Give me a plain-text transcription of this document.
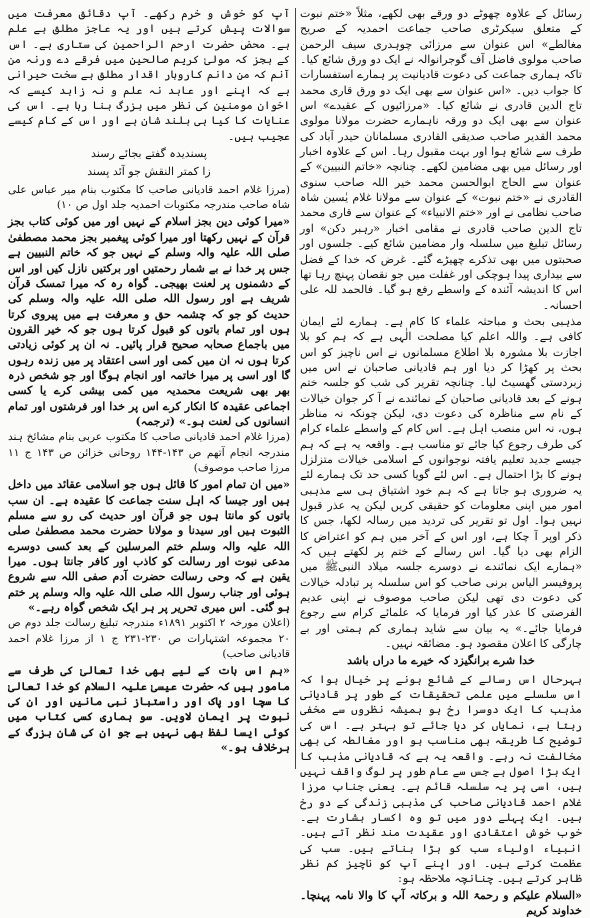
رسائل کے علاوہ چھوٹے دو ورقے بھی لکھے، مثلاً «ختم نبوت کے متعلق سیکرٹری صاحب جماعت احمدیہ کے صریح مغالطے» اس عنوان سے مرزائی چوہدری سیف الرحمن صاحب مولوی فاضل آف گوجرانوالہ نے ایک دو ورق شائع کیا۔ تاکہ ہماری جماعت کی دعوت قادیانیت پر ہمارے استفسارات کا جواب دیں۔ «اس عنوان سے بھی ایک دو ورق قاری محمد تاج الدین قادری نے شائع کیا۔ «مرزائیوں کے عقیدے» اس عنوان سے بھی ایک دو ورقہ ناہمارے حضرت مولانا مولوی محمد القدیر صاحب صدیقی القادری مسلمانان حیدر آباد کی طرف سے شائع ہوا اور بہت مقبول رہا۔ اس کے علاوہ اخبار اور رسائل میں بھی مضامین لکھے۔ چنانچہ «خاتم النبیین» کے عنوان سے الحاج ابوالحسن محمد خیر اللہ صاحب سنوی القادری نے «ختم نبوت» کے عنوان سے مولانا غلام یٰسین شاہ صاحب نظامی نے اور «ختم الانبیاء» کے عنوان سے قاری محمد تاج الدین صاحب قادری نے مقامی اخبار «رہبر دکن» اور رسائل تبلیغ میں سلسلہ وار مضامین شائع کیے۔ جلسوں اور صحبتوں میں بھی تذکرے چھیڑے گئے۔ غرض کہ خدا کے فضل سے بیداری پیدا ہوچکی اور غفلت میں جو نقصان پہنچ رہا تھا اس کا اندیشہ آئندہ کے واسطے رفع ہو گیا۔ فالحمد للہ علی احسانہ۔

مذہبی بحث و مباحثہ علماء کا کام ہے۔ ہمارے لئے ایمان کافی ہے۔ واللہ اعلم کیا مصلحت الٰہی ہے کہ ہم کو بلا اجازت بلا مشورہ بلا اطلاع مسلمانوں نے اس ناچیز کو اس بحث پر کھڑا کر دیا اور ہم قادیانی صاحبان نے اس میں زبردستی گھسیٹ لیا۔ چنانچہ تقریر کی شب کو جلسہ ختم ہونے کے بعد قادیانی صاحبان کے نمائندے نے آ کر جوان خیالات کے نام سے مناظرہ کی دعوت دی، لیکن چونکہ نہ مناظر ہوں، نہ اس منصب اہل ہے۔ اس کام کے واسطے علماء کرام کی طرف رجوع کیا جائے تو مناسب ہے۔ واقعہ یہ ہے کہ ہم جیسے جدید تعلیم یافتہ نوجوانوں کے اسلامی خیالات متزلزل ہونے کا بڑا احتمال ہے۔ اس لئے گویا کسی حد تک ہمارے لئے یہ ضروری ہو جاتا ہے کہ ہم خود اشتیاق ہی سے مذہبی امور میں اپنی معلومات کو حقیقی کریں لیکن یہ عذر قبول نہیں ہوا۔ اول تو تقریر کی تردید میں رسالہ لکھا، جس کا ذکر اوپر آ چکا ہے، اور اس کے آخر میں ہم کو اعتراض کا الزام بھی دیا گیا۔ اس رسالے کے ختم پر لکھتے ہیں کہ «ہمارے ایک نمائندے نے دوسرے جلسہ میلاد النبیﷺ میں پروفیسر الیاس برنی صاحب کو اس سلسلہ پر تبادلہ خیالات کی دعوت دی تھی لیکن صاحب موصوف نے اپنی عدیم الفرصتی کا عذر کیا اور فرمایا کہ علمائے کرام سے رجوع فرمایا جائے۔» یہ بیان سے شاید ہماری کم ہمتی اور بے چارگی کا اعلان مقصود ہو۔ مضائقہ نہیں۔

خدا شرے برانگیزد کہ خیرے ما دراں باشد

بہرحال اس رسالے کے شائع ہونے پر خیال ہوا کہ اس سلسلے میں علمی تحقیقات کے طور پر قادیانی مذہب کا ایک دوسرا رخ ہو ہمیشہ نظروں سے مخفی رہتا ہے، نمایاں کر دیا جائے تو بہتر ہے۔ اس کی توضیح کا طریقہ بھی مناسب ہو اور مغالطہ کی بھی مخالفت نہ رہے۔ واقعہ یہ ہے کہ قادیانی مذہب کا ایک بڑا اصول ہے جس سے عام طور پر لوگ واقف نہیں ہیں، اسی پر یہ سلسلہ قائم ہے۔ یعنی جناب مرزا غلام احمد قادیانی صاحب کی مذہبی زندگی کے دو رخ ہیں۔ ایک پہلے دور میں تو وہ اکسار بشارت ہے۔ خوب خوش اعتقادی اور عقیدت مند نظر آتے ہیں۔ انبیاء اولیاء سب کو بڑا بناتے ہیں۔ سب کی عظمت کرتے ہیں۔ اور اپنے آپ کو ناچیز کم نظر ظاہر کرتے ہیں۔ چنانچہ ملاحظہ ہو:

«السلام علیکم و رحمۃ اللہ و برکاتہ آپ کا والا نامہ پہنچا۔ خداوند کریم

آپ کو خوش و خرم رکھے۔ آپ دقائق معرفت میں سوالات پیش کرتے ہیں اور یہ عاجز مطلق بے علم ہے۔ محض حضرت ارحم الراحمین کی ستاری ہے۔ اس کے بجز کہ مولیٰ کریم صالحین میں فرقے دے ورنہ من آنم کہ من دانم کاروبار اقدار مطلق ہے سخت حیرانی ہے کہ اپنے اور عابد نہ علم و نہ زاہد کیسے کہ اخوان مومنین کی نظر میں بزرگ بنا رہا ہے۔ اس کی عنایات کا کیا ہی بلند شان ہے اور اس کے کام کیسے عجیب ہیں۔

پسندیدہ گفتے بجائے رسند

زا کمتر النقش جو آئد پسند

(مرزا غلام احمد قادیانی صاحب کا مکتوب بنام میر عباس علی شاہ صاحب مندرجہ مکتوبات احمدیہ جلد اول ص ۱۰)

«میرا کوئی دین بجز اسلام کے نہیں اور میں کوئی کتاب بجز قرآن کے نہیں رکھتا اور میرا کوئی پیغمبر بجز محمد مصطفیٰ صلی اللہ علیہ والہ وسلم کے نہیں جو کہ خاتم النبیین ہے جس پر خدا نے بے شمار رحمتیں اور برکتیں نازل کیں اور اس کے دشمنوں پر لعنت بھیجی۔ گواہ رہ کہ میرا تمسک قرآن شریف ہے اور رسول اللہ صلی اللہ علیہ والہ وسلم کی حدیث کو جو کہ چشمہ حق و معرفت ہے میں پیروی کرتا ہوں اور تمام باتوں کو قبول کرتا ہوں جو کہ خیر القرون میں باجماع صحابہ صحیح قرار پائیں۔ نہ ان پر کوئی زیادتی کرتا ہوں نہ ان میں کمی اور اسی اعتقاد پر میں زندہ رہوں گا اور اسی پر میرا خاتمہ اور انجام ہوگا اور جو شخص ذرہ بھر بھی شریعت محمدیہ میں کمی بیشی کرے یا کسی اجماعی عقیدہ کا انکار کرے اس پر خدا اور فرشتوں اور تمام انسانوں کی لعنت ہو۔» (ترجمہ)

(مرزا غلام احمد قادیانی صاحب کا مکتوب عربی بنام مشائخ ہند مندرجہ انجام آتھم ص ۱۴۳-۱۴۴ روحانی خزائن ص ۱۴۳ ج ۱۱ مرزا صاحب موصوف)

«میں ان تمام امور کا قائل ہوں جو اسلامی عقائد میں داخل ہیں اور جیسا کہ اہل سنت جماعت کا عقیدہ ہے۔ ان سب باتوں کو مانتا ہوں جو قرآن اور حدیث کی رو سے مسلم الثبوت ہیں اور سیدنا و مولانا حضرت محمد مصطفیٰ صلی اللہ علیہ والہ وسلم ختم المرسلین کے بعد کسی دوسرے مدعی نبوت اور رسالت کو کاذب اور کافر جانتا ہوں۔ میرا یقین ہے کہ وحی رسالت حضرت آدم صفی اللہ سے شروع ہوئی اور جناب رسول اللہ صلی اللہ علیہ والہ وسلم پر ختم ہو گئی۔ اس میری تحریر پر ہر ایک شخص گواہ رہے۔»

(اعلان مورخہ ۲ اکتوبر ۱۸۹۱ء مندرجہ تبلیغ رسالت جلد دوم ص ۲۰ مجموعہ اشتہارات ص ۲۳۰-۲۳۱ ج ۱ از مرزا غلام احمد قادیانی صاحب)

«ہم اس بات کے لیے بھی خدا تعالیٰ کی طرف سے مامور ہیں کہ حضرت عیسیٰ علیہ السلام کو خدا تعالیٰ کا سچا اور پاک اور راستباز نبی مانیں اور ان کی نبوت پر ایمان لاویں۔ سو ہماری کسی کتاب میں کوئی ایسا لفظ بھی نہیں ہے جو ان کی شان بزرگ کے برخلاف ہو۔»
